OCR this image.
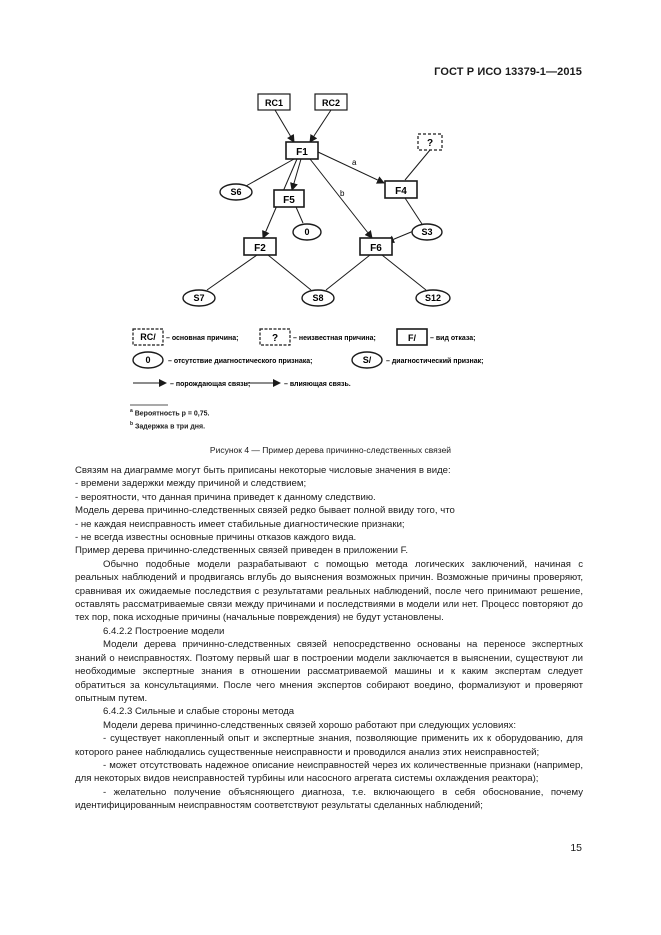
ГОСТ Р ИСО 13379-1—2015
a
b
RC1	RC2
F1
F5
F4
F2	F6
?
S6
0	S3
S7	S8	S12
RC/ – основная причина;	? – неизвестная причина;	F/ – вид отказа;
0 – отсутствие диагностического признака;	S/ – диагностический признак;
– порождающая связь;	– влияющая связь.
$^a$ Вероятность p = 0,75.
$^b$ Задержка в три дня.
Рисунок 4 — Пример дерева причинно-следственных связей

Связям на диаграмме могут быть приписаны некоторые числовые значения в виде:

- времени задержки между причиной и следствием;

- вероятности, что данная причина приведет к данному следствию.

Модель дерева причинно-следственных связей редко бывает полной ввиду того, что

- не каждая неисправность имеет стабильные диагностические признаки;

- не всегда известны основные причины отказов каждого вида.

Пример дерева причинно-следственных связей приведен в приложении F.

Обычно подобные модели разрабатывают с помощью метода логических заключений, начиная с реальных наблюдений и продвигаясь вглубь до выяснения возможных причин. Возможные причины проверяют, сравнивая их ожидаемые последствия с результатами реальных наблюдений, после чего принимают решение, оставлять рассматриваемые связи между причинами и последствиями в модели или нет. Процесс повторяют до тех пор, пока исходные причины (начальные повреждения) не будут установлены.

6.4.2.2 Построение модели

Модели дерева причинно-следственных связей непосредственно основаны на переносе экспертных знаний о неисправностях. Поэтому первый шаг в построении модели заключается в выяснении, существуют ли необходимые экспертные знания в отношении рассматриваемой машины и к каким экспертам следует обратиться за консультациями. После чего мнения экспертов собирают воедино, формализуют и проверяют опытным путем.

6.4.2.3 Сильные и слабые стороны метода

Модели дерева причинно-следственных связей хорошо работают при следующих условиях:

- существует накопленный опыт и экспертные знания, позволяющие применить их к оборудованию, для которого ранее наблюдались существенные неисправности и проводился анализ этих неисправностей;

- может отсутствовать надежное описание неисправностей через их количественные признаки (например, для некоторых видов неисправностей турбины или насосного агрегата системы охлаждения реактора);

- желательно получение объясняющего диагноза, т.е. включающего в себя обоснование, почему идентифицированным неисправностям соответствуют результаты сделанных наблюдений;

15
